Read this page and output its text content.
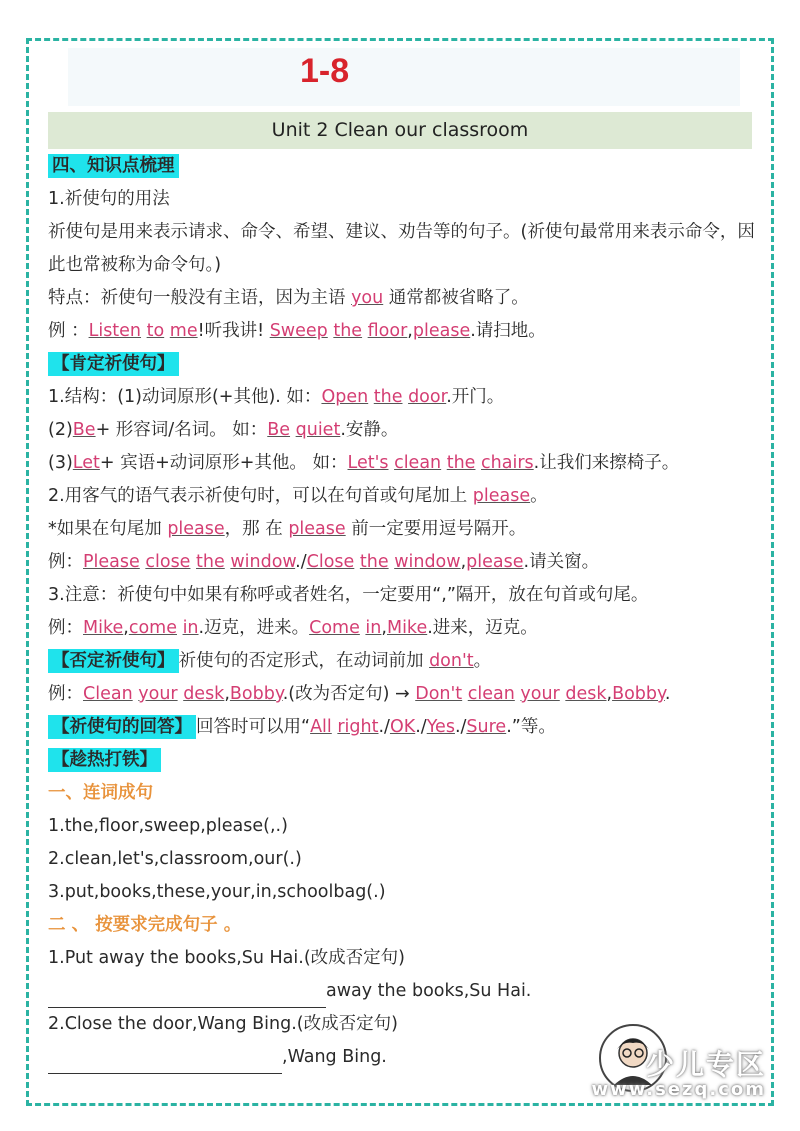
1-8
Unit 2 Clean our classroom
四、知识点梳理
1.祈使句的用法
祈使句是用来表示请求、命令、希望、建议、劝告等的句子。(祈使句最常用来表示命令，因此也常被称为命令句。)
特点：祈使句一般没有主语，因为主语 you 通常都被省略了。
例 ：Listen to me!听我讲! Sweep the floor,please.请扫地。
【肯定祈使句】
1.结构：(1)动词原形(+其他). 如：Open the door.开门。
(2)Be+ 形容词/名词。 如：Be quiet.安静。
(3)Let+ 宾语+动词原形+其他。 如：Let's clean the chairs.让我们来擦椅子。
2.用客气的语气表示祈使句时，可以在句首或句尾加上 please。
*如果在句尾加 please，那 在 please 前一定要用逗号隔开。
例：Please close the window./Close the window,please.请关窗。
3.注意：祈使句中如果有称呼或者姓名，一定要用“,”隔开，放在句首或句尾。
例：Mike,come in.迈克，进来。Come in,Mike.进来，迈克。
【否定祈使句】 祈使句的否定形式，在动词前加 don't。
例：Clean your desk,Bobby.(改为否定句) → Don't clean your desk,Bobby.
【祈使句的回答】 回答时可以用“All right./OK./Yes./Sure.”等。
【趁热打铁】
一、连词成句
1.the,floor,sweep,please(,.)
2.clean,let's,classroom,our(.)
3.put,books,these,your,in,schoolbag(.)
二 、 按要求完成句子 。
1.Put away the books,Su Hai.(改成否定句)
away the books,Su Hai.
2.Close the door,Wang Bing.(改成否定句)
,Wang Bing.	少儿专区
www.sezq.com
